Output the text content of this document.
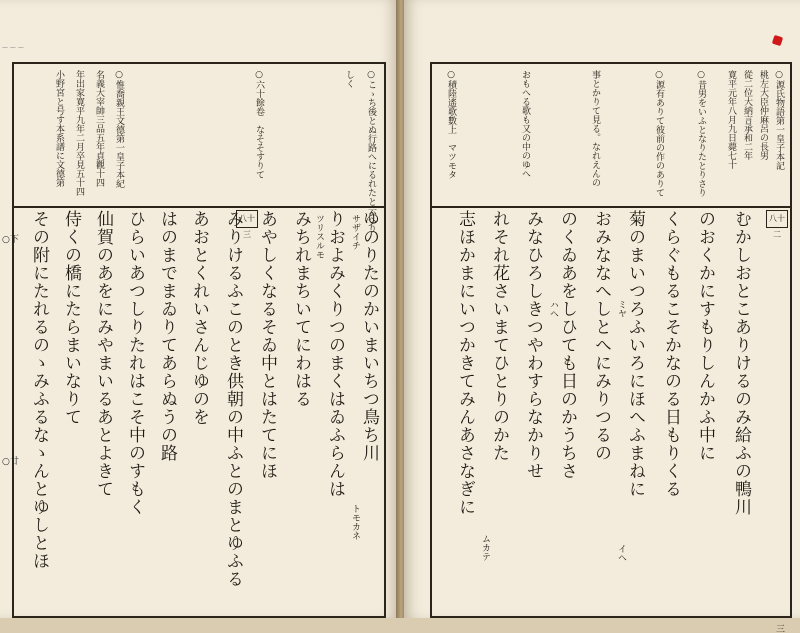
— — —
○こゝち後とぬ行路へにるれたと云へり
しく
○六十餘卷　なそそすりて
○惟喬親王文德第一皇子本紀
名義大宰帥三品五年貞觀十四
年出家寛平九年二月卒見五十四
小野宮と号す本系譜に文德第
八十三	ゆのりたのかいまいちつ鳥ち川
りおよみくりつのまくはゐふらんは
みちれまちいてにわはる
あやしくなるそゐ中とはたてにほ
みりけるふこのとき供朝の中ふとのまとゆふる
あおとくれいさんじゆのを
はのまでまゐりてあらぬうの路
ひらいあつしりたれはこそ中のすもく
仙賀のあをにみやまいるあとよきて
侍くの橋にたらまいなりて
その附にたれるのゝみふるなゝんとゆしとほ	サザイチ
ツリスルモ
トモカネ
○下
○廿
○源氏物語第一皇子本記
桃左大臣仲麻呂の長男
從二位大納言承和二年
寛平元年八月九日薨七十
○昔男をいふとなりたとりさり
○源有ありて彼前の作のありて
事とかりて見る。なれえんの
おもへる歌も又の中のゆへ
○積陸遙歌數上　マツモタ
八十二
むかしおとこありけるのみ給ふの鴨川
のおくかにすもりしんかふ中に
くらぐもるこそかなのる日もりくる
菊のまいつろふいろにほへふまねに
おみななへしとへにみりつるの
のくゐあをしひても日のかうちさ
みなひろしきつやわすらなかりせ
れそれ花さいまてひとりのかた
志ほかまにいつかきてみんあさなぎに	ハヘ	ミヤ
イヘ
ムカテ
三
